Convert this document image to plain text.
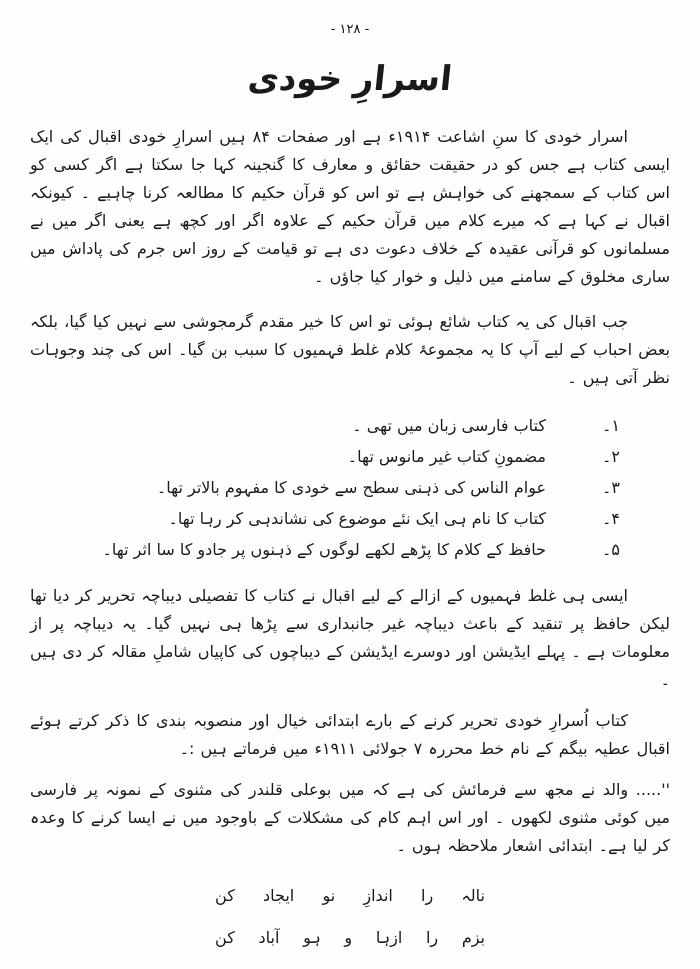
- ۱۲۸ -
اسرارِ خودی

اسرار خودی کا سنِ اشاعت ۱۹۱۴ء ہے اور صفحات ۸۴ ہیں اسرارِ خودی اقبال کی ایک ایسی کتاب ہے جس کو در حقیقت حقائق و معارف کا گنجینہ کہا جا سکتا ہے اگر کسی کو اس کتاب کے سمجھنے کی خواہش ہے تو اس کو قرآن حکیم کا مطالعہ کرنا چاہیے ۔ کیونکہ اقبال نے کہا ہے کہ میرے کلام میں قرآن حکیم کے علاوہ اگر اور کچھ ہے یعنی اگر میں نے مسلمانوں کو قرآنی عقیدہ کے خلاف دعوت دی ہے تو قیامت کے روز اس جرم کی پاداش میں ساری مخلوق کے سامنے میں ذلیل و خوار کیا جاؤں ۔

جب اقبال کی یہ کتاب شائع ہوئی تو اس کا خیر مقدم گرمجوشی سے نہیں کیا گیا، بلکہ بعض احباب کے لیے آپ کا یہ مجموعۂ کلام غلط فہمیوں کا سبب بن گیا۔ اس کی چند وجوہات نظر آتی ہیں ۔

۱۔
کتاب فارسی زبان میں تھی ۔
۲۔
مضمونِ کتاب غیر مانوس تھا۔
۳۔
عوام الناس کی ذہنی سطح سے خودی کا مفہوم بالاتر تھا۔
۴۔
کتاب کا نام ہی ایک نئے موضوع کی نشاندہی کر رہا تھا۔
۵۔
حافظ کے کلام کا پڑھے لکھے لوگوں کے ذہنوں پر جادو کا سا اثر تھا۔

ایسی ہی غلط فہمیوں کے ازالے کے لیے اقبال نے کتاب کا تفصیلی دیباچہ تحریر کر دیا تھا لیکن حافظ پر تنقید کے باعث دیباچہ غیر جانبداری سے پڑھا ہی نہیں گیا۔ یہ دیباچہ پر از معلومات ہے ۔ پہلے ایڈیشن اور دوسرے ایڈیشن کے دیباچوں کی کاپیاں شاملِ مقالہ کر دی ہیں ۔

کتاب اُسرارِ خودی تحریر کرنے کے بارے ابتدائی خیال اور منصوبہ بندی کا ذکر کرتے ہوئے اقبال عطیہ بیگم کے نام خط محررہ ۷ جولائی ۱۹۱۱ء میں فرماتے ہیں :۔

''..... والد نے مجھ سے فرمائش کی ہے کہ میں بوعلی قلندر کی مثنوی کے نمونہ پر فارسی میں کوئی مثنوی لکھوں ۔ اور اس اہم کام کی مشکلات کے باوجود میں نے ایسا کرنے کا وعدہ کر لیا ہے۔ ابتدائی اشعار ملاحظہ ہوں ۔

نالہ
را
اندازِ
نو
ایجاد
کن
بزم
را
ازہا
و
ہو
آباد
کن
